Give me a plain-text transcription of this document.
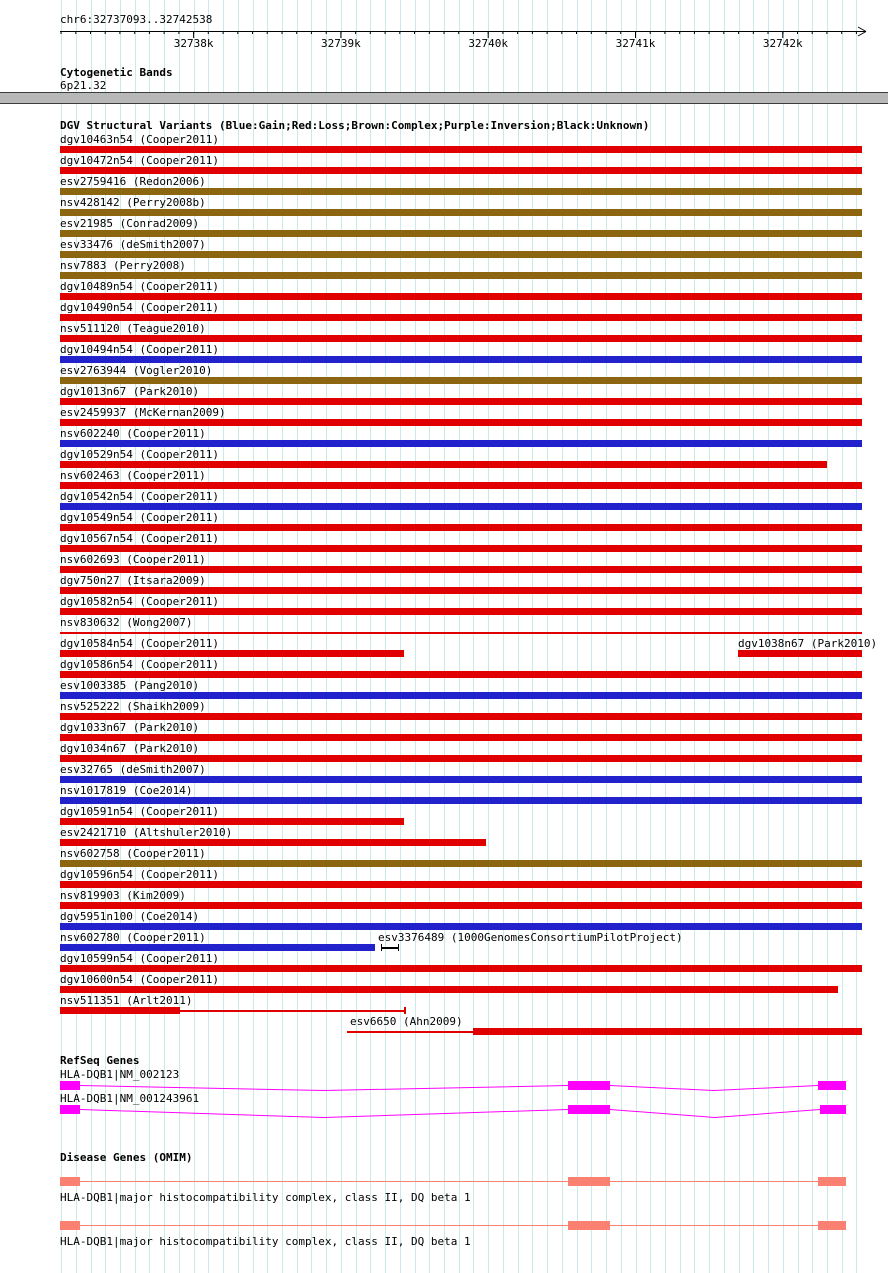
chr6:32737093..32742538
32738k	32739k	32740k	32741k	32742k
Cytogenetic Bands
6p21.32
DGV Structural Variants (Blue:Gain;Red:Loss;Brown:Complex;Purple:Inversion;Black:Unknown)
dgv10463n54 (Cooper2011)
dgv10472n54 (Cooper2011)
esv2759416 (Redon2006)
nsv428142 (Perry2008b)
esv21985 (Conrad2009)
esv33476 (deSmith2007)
nsv7883 (Perry2008)
dgv10489n54 (Cooper2011)
dgv10490n54 (Cooper2011)
nsv511120 (Teague2010)
dgv10494n54 (Cooper2011)
esv2763944 (Vogler2010)
dgv1013n67 (Park2010)
esv2459937 (McKernan2009)
nsv602240 (Cooper2011)
dgv10529n54 (Cooper2011)
nsv602463 (Cooper2011)
dgv10542n54 (Cooper2011)
dgv10549n54 (Cooper2011)
dgv10567n54 (Cooper2011)
nsv602693 (Cooper2011)
dgv750n27 (Itsara2009)
dgv10582n54 (Cooper2011)
nsv830632 (Wong2007)
dgv10584n54 (Cooper2011)	dgv1038n67 (Park2010)
dgv10586n54 (Cooper2011)
esv1003385 (Pang2010)
nsv525222 (Shaikh2009)
dgv1033n67 (Park2010)
dgv1034n67 (Park2010)
esv32765 (deSmith2007)
nsv1017819 (Coe2014)
dgv10591n54 (Cooper2011)
esv2421710 (Altshuler2010)
nsv602758 (Cooper2011)
dgv10596n54 (Cooper2011)
nsv819903 (Kim2009)
dgv5951n100 (Coe2014)
nsv602780 (Cooper2011)	esv3376489 (1000GenomesConsortiumPilotProject)
dgv10599n54 (Cooper2011)
dgv10600n54 (Cooper2011)
nsv511351 (Arlt2011)
esv6650 (Ahn2009)
RefSeq Genes
HLA-DQB1|NM_002123
HLA-DQB1|NM_001243961
Disease Genes (OMIM)
HLA-DQB1|major histocompatibility complex, class II, DQ beta 1
HLA-DQB1|major histocompatibility complex, class II, DQ beta 1
